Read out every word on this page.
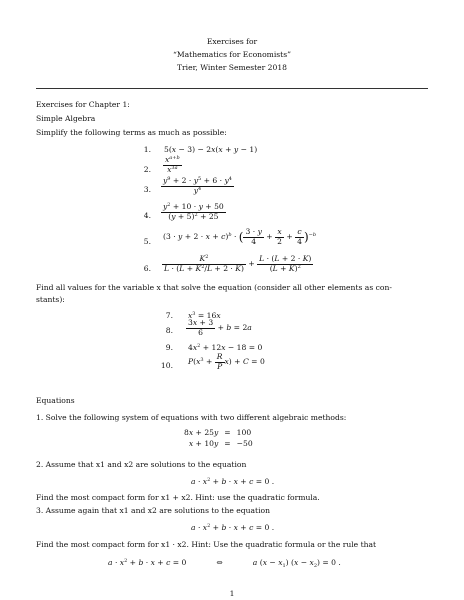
Exercises for
“Mathematics for Economists”
Trier, Winter Semester 2018
Exercises for Chapter 1:
Simple Algebra
Simplify the following terms as much as possible:
1. 5(x − 3) − 2x(x + y − 1)
2. $\frac{x^{a+b}}{x^{3a}}$
3. $\frac{y^9 + 2 \cdot y^5 + 6 \cdot y^4}{y^4}$
4. $\frac{y^2 + 10 \cdot y + 50}{(y + 5)^2 + 25}$
5.
$(3 \cdot y + 2 \cdot x + c)^b$ · ( $\frac{3 \cdot y}{4} + \frac{x}{2} + \frac{c}{4} )^{-b}$
6. $\frac{K^2}{L \cdot (L + K^2/L + 2 \cdot K)} + \frac{L \cdot (L + 2 \cdot K)}{(L + K)^2}$
Find all values for the variable x that solve the equation (consider all other elements as con-
stants):
7. $x^3 = 16x$
8. $\frac{3x + 3}{6} + b = 2a$
9. $4x^2 + 12x - 18 = 0$
10. $P(x^3 + \frac{R}{P} x) + C = 0$
Equations
1. Solve the following system of equations with two different algebraic methods:
8x + 25y	=	100
x + 10y	=	−50
2. Assume that x1 and x2 are solutions to the equation
$a \cdot x^2 + b \cdot x + c = 0$ .
Find the most compact form for x1 + x2. Hint: use the quadratic formula.
3. Assume again that x1 and x2 are solutions to the equation
$a \cdot x^2 + b \cdot x + c = 0$ .
Find the most compact form for x1 · x2. Hint: Use the quadratic formula or the rule that
$a \cdot x^2 + b \cdot x + c = 0$	⇔	a $(x - x_1)$ $(x - x_2) = 0$ .
1
